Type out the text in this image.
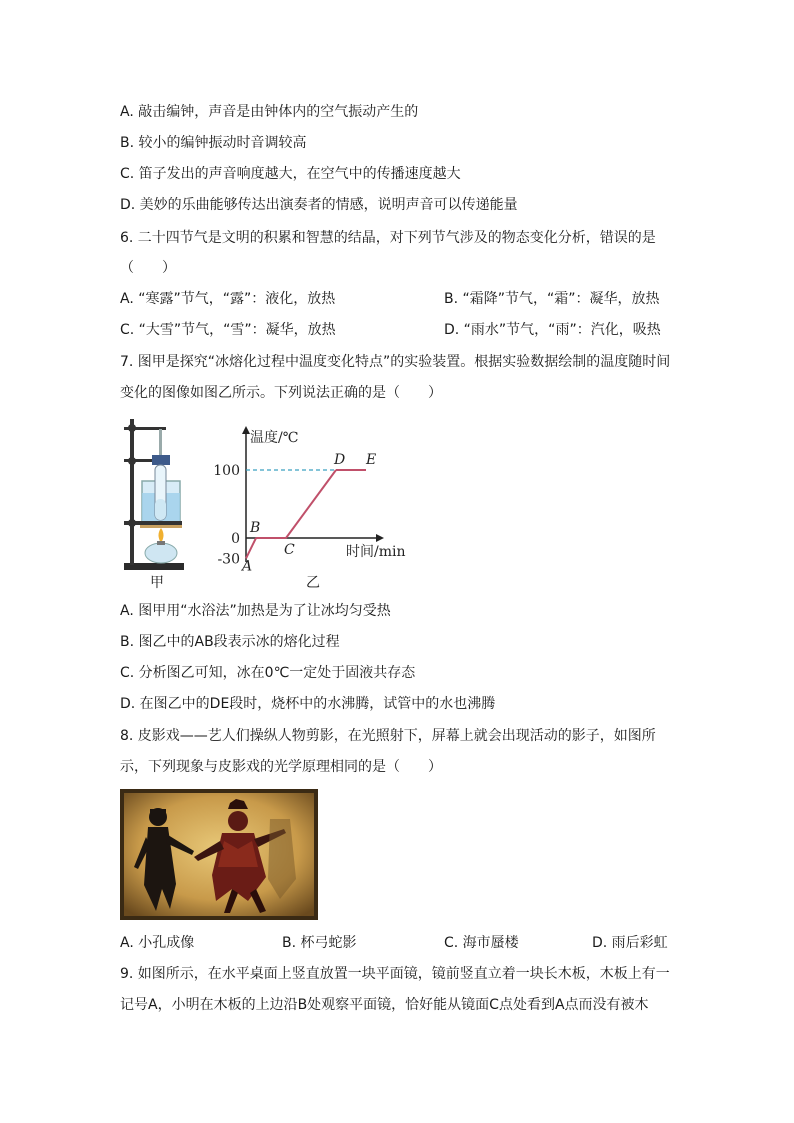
A. 敲击编钟，声音是由钟体内的空气振动产生的
B. 较小的编钟振动时音调较高
C. 笛子发出的声音响度越大，在空气中的传播速度越大
D. 美妙的乐曲能够传达出演奏者的情感，说明声音可以传递能量
6. 二十四节气是文明的积累和智慧的结晶，对下列节气涉及的物态变化分析，错误的是
（　　）
A. “寒露”节气，“露”：液化，放热	B. “霜降”节气，“霜”：凝华，放热
C. “大雪”节气，“雪”：凝华，放热	D. “雨水”节气，“雨”：汽化，吸热
7. 图甲是探究“冰熔化过程中温度变化特点”的实验装置。根据实验数据绘制的温度随时间
变化的图像如图乙所示。下列说法正确的是（　　）
甲
温度/℃
时间/min
100
0
-30 A
B
C
D E
乙
A. 图甲用“水浴法”加热是为了让冰均匀受热
B. 图乙中的AB段表示冰的熔化过程
C. 分析图乙可知，冰在0℃一定处于固液共存态
D. 在图乙中的DE段时，烧杯中的水沸腾，试管中的水也沸腾
8. 皮影戏——艺人们操纵人物剪影，在光照射下，屏幕上就会出现活动的影子，如图所
示，下列现象与皮影戏的光学原理相同的是（　　）
A. 小孔成像	B. 杯弓蛇影	C. 海市蜃楼	D. 雨后彩虹
9. 如图所示，在水平桌面上竖直放置一块平面镜，镜前竖直立着一块长木板，木板上有一
记号A，小明在木板的上边沿B处观察平面镜，恰好能从镜面C点处看到A点而没有被木
